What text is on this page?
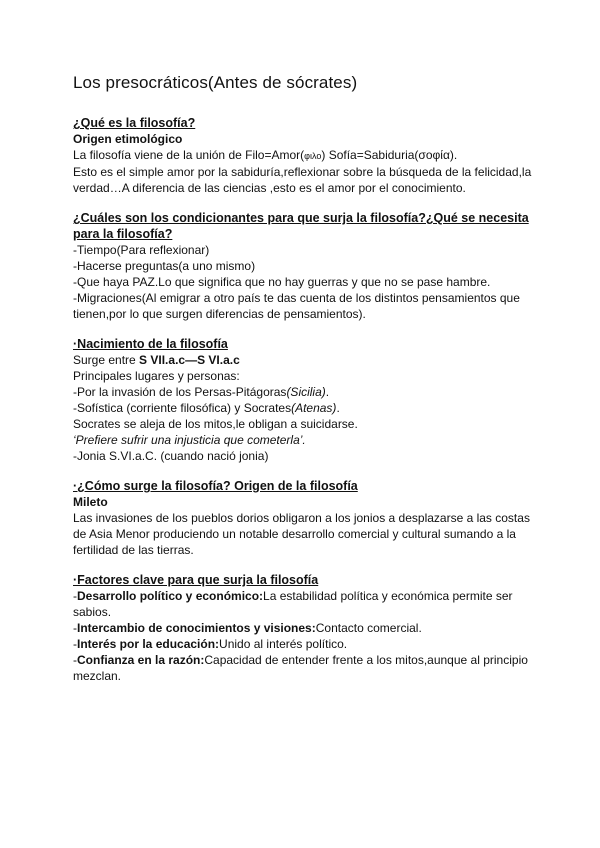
Los presocráticos(Antes de sócrates)

¿Qué es la filosofía?

Origen etimológico

La filosofía viene de la unión de Filo=Amor(φιλο) Sofía=Sabiduria(σοφία).

Esto es el simple amor por la sabiduría,reflexionar sobre la búsqueda de la felicidad,la verdad…A diferencia de las ciencias ,esto es el amor por el conocimiento.

¿Cuáles son los condicionantes para que surja la filosofía?¿Qué se necesita para la filosofía?

-Tiempo(Para reflexionar)

-Hacerse preguntas(a uno mismo)

-Que haya PAZ.Lo que significa que no hay guerras y que no se pase hambre.

-Migraciones(Al emigrar a otro país te das cuenta de los distintos pensamientos que tienen,por lo que surgen diferencias de pensamientos).

·Nacimiento de la filosofía

Surge entre S VII.a.c—S VI.a.c

Principales lugares y personas:

-Por la invasión de los Persas-Pitágoras(Sicilia).

-Sofística (corriente filosófica) y Socrates(Atenas).

Socrates se aleja de los mitos,le obligan a suicidarse.

‘Prefiere sufrir una injusticia que cometerla’.

-Jonia S.VI.a.C. (cuando nació jonia)

·¿Cómo surge la filosofía? Origen de la filosofía

Mileto

Las invasiones de los pueblos dorios obligaron a los jonios a desplazarse a las costas de Asia Menor produciendo un notable desarrollo comercial y cultural sumando a la fertilidad de las tierras.

·Factores clave para que surja la filosofía

-Desarrollo político y económico:La estabilidad política y económica permite ser sabios.

-Intercambio de conocimientos y visiones:Contacto comercial.

-Interés por la educación:Unido al interés político.

-Confianza en la razón:Capacidad de entender frente a los mitos,aunque al principio mezclan.
